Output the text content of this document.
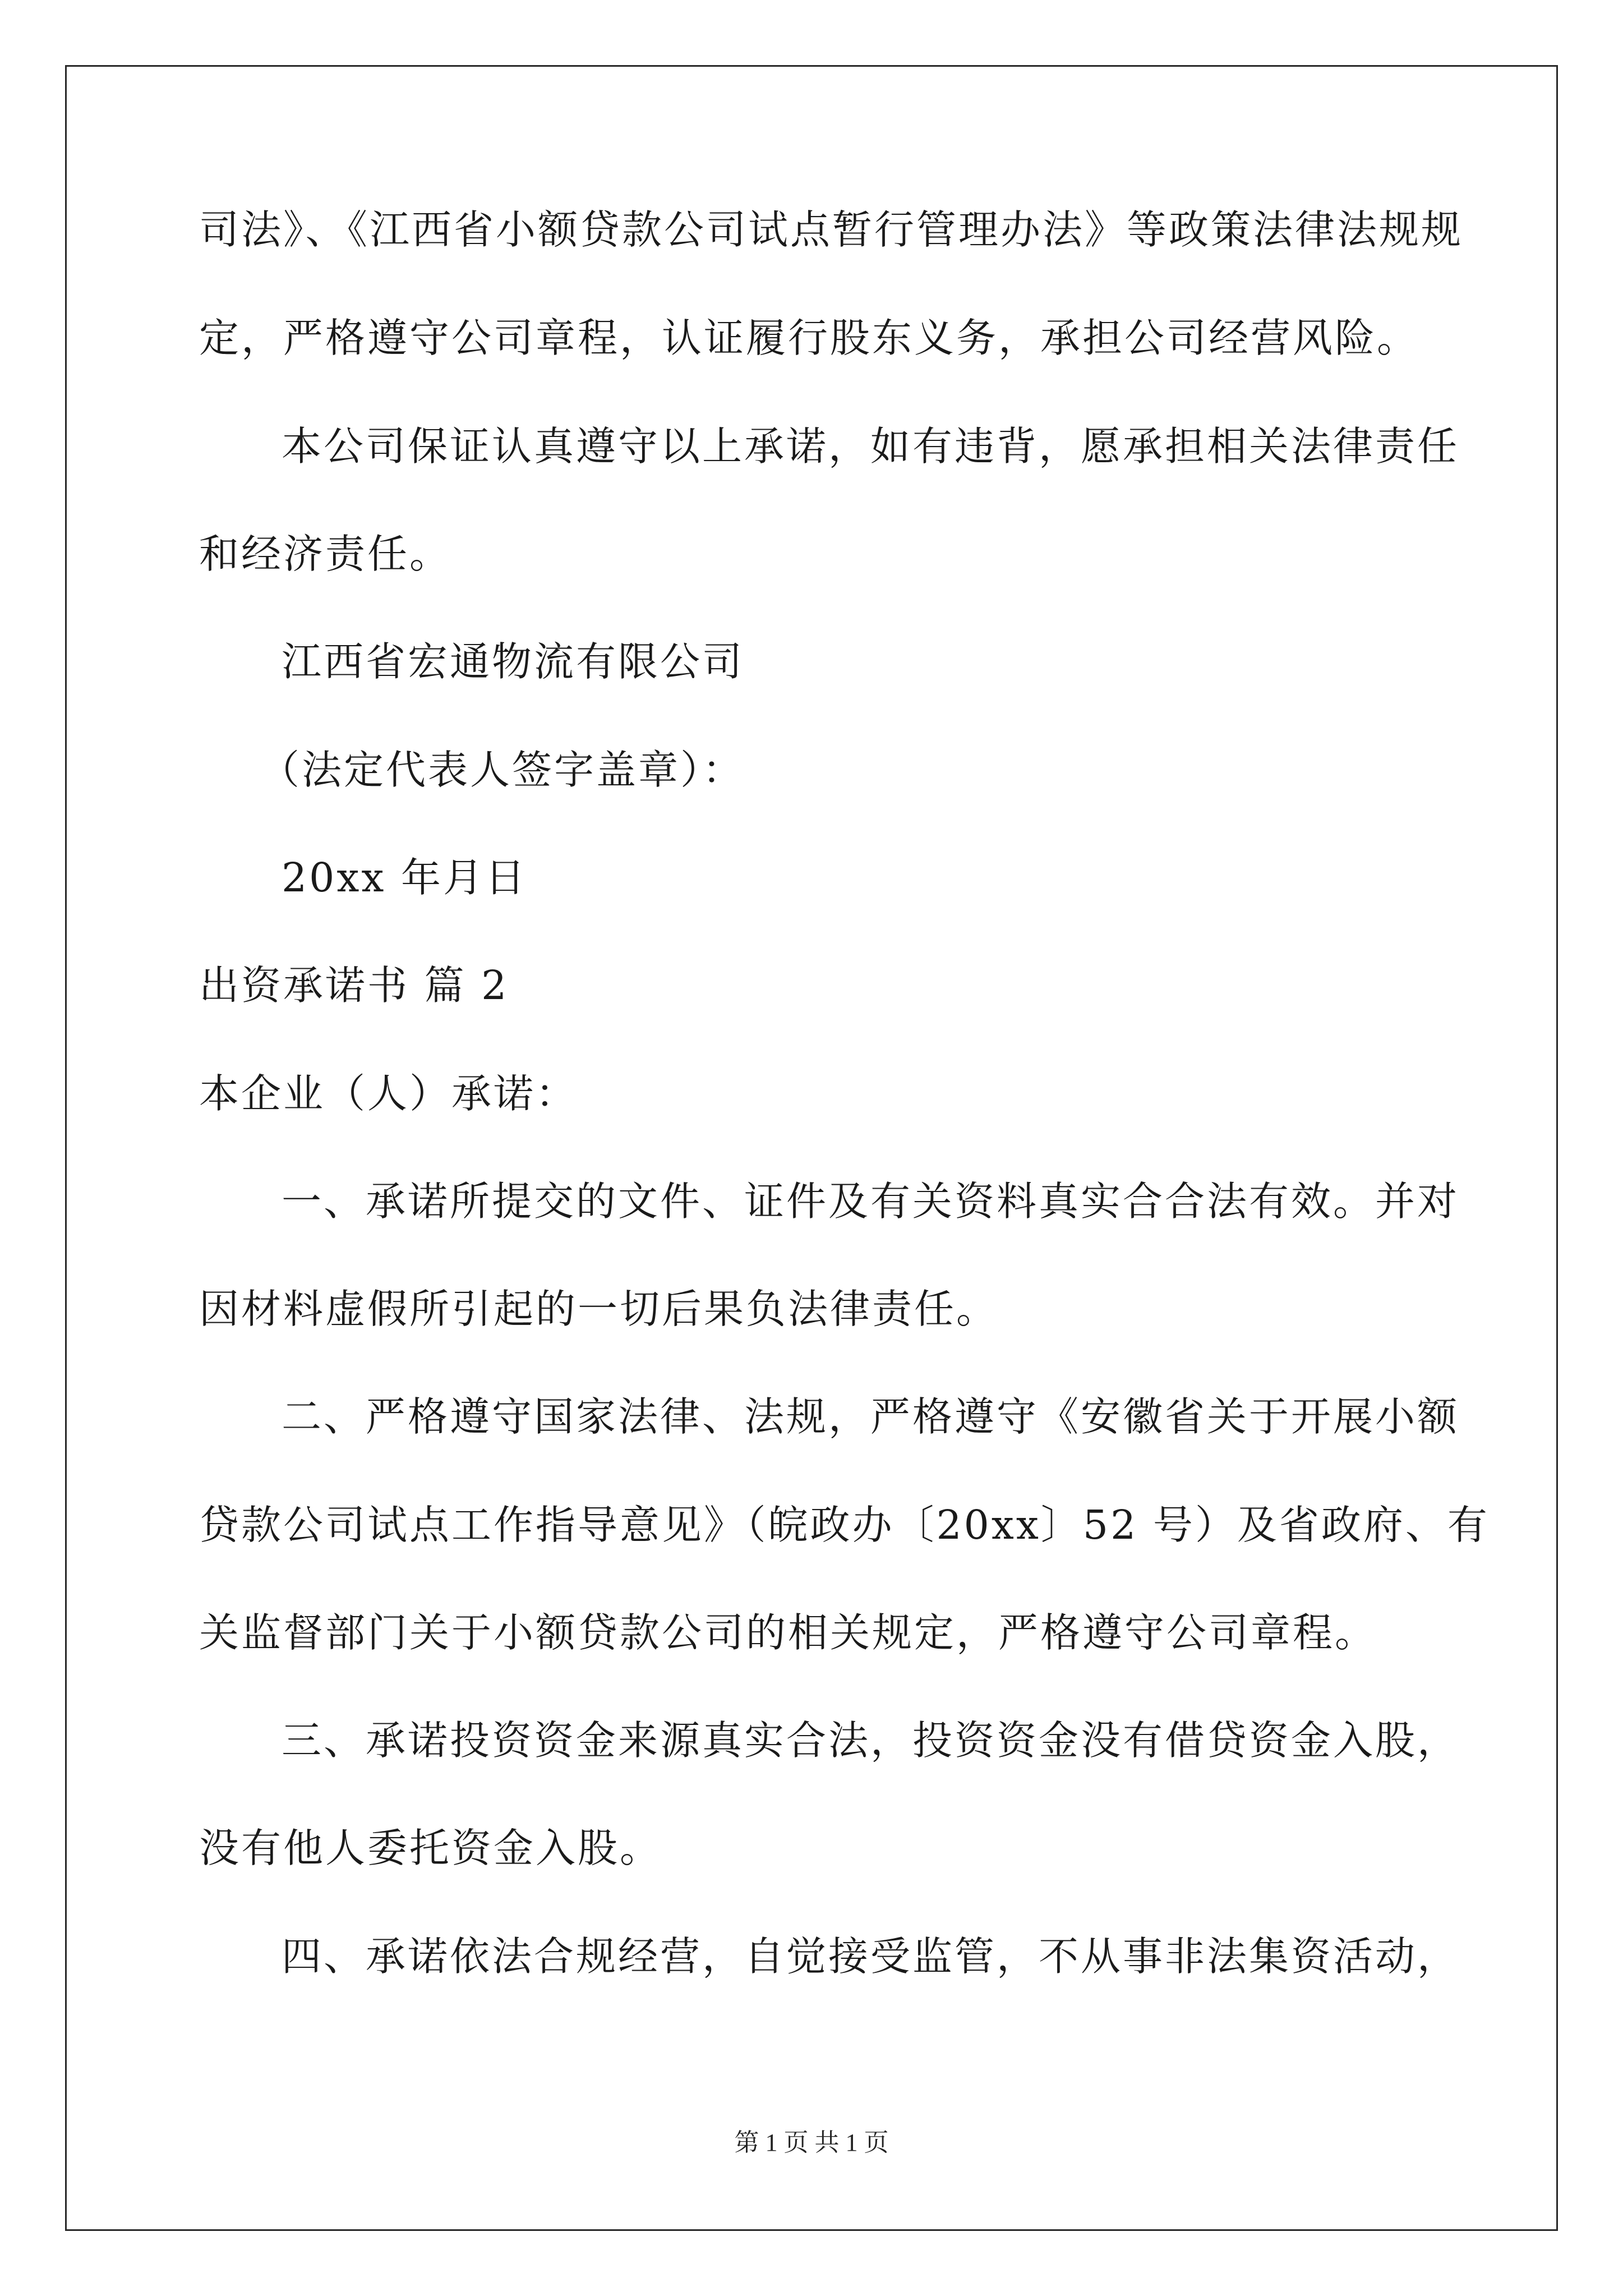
司法》、《江西省小额贷款公司试点暂行管理办法》等政策法律法规规
定，严格遵守公司章程，认证履行股东义务，承担公司经营风险。
本公司保证认真遵守以上承诺，如有违背，愿承担相关法律责任
和经济责任。
江西省宏通物流有限公司
（法定代表人签字盖章）：
20xx 年月日
出资承诺书 篇 2
本企业（人）承诺：
一、承诺所提交的文件、证件及有关资料真实合合法有效。并对
因材料虚假所引起的一切后果负法律责任。
二、严格遵守国家法律、法规，严格遵守《安徽省关于开展小额
贷款公司试点工作指导意见》（皖政办〔20xx〕52 号）及省政府、有
关监督部门关于小额贷款公司的相关规定，严格遵守公司章程。
三、承诺投资资金来源真实合法，投资资金没有借贷资金入股，
没有他人委托资金入股。
四、承诺依法合规经营，自觉接受监管，不从事非法集资活动，
第 1 页 共 1 页
